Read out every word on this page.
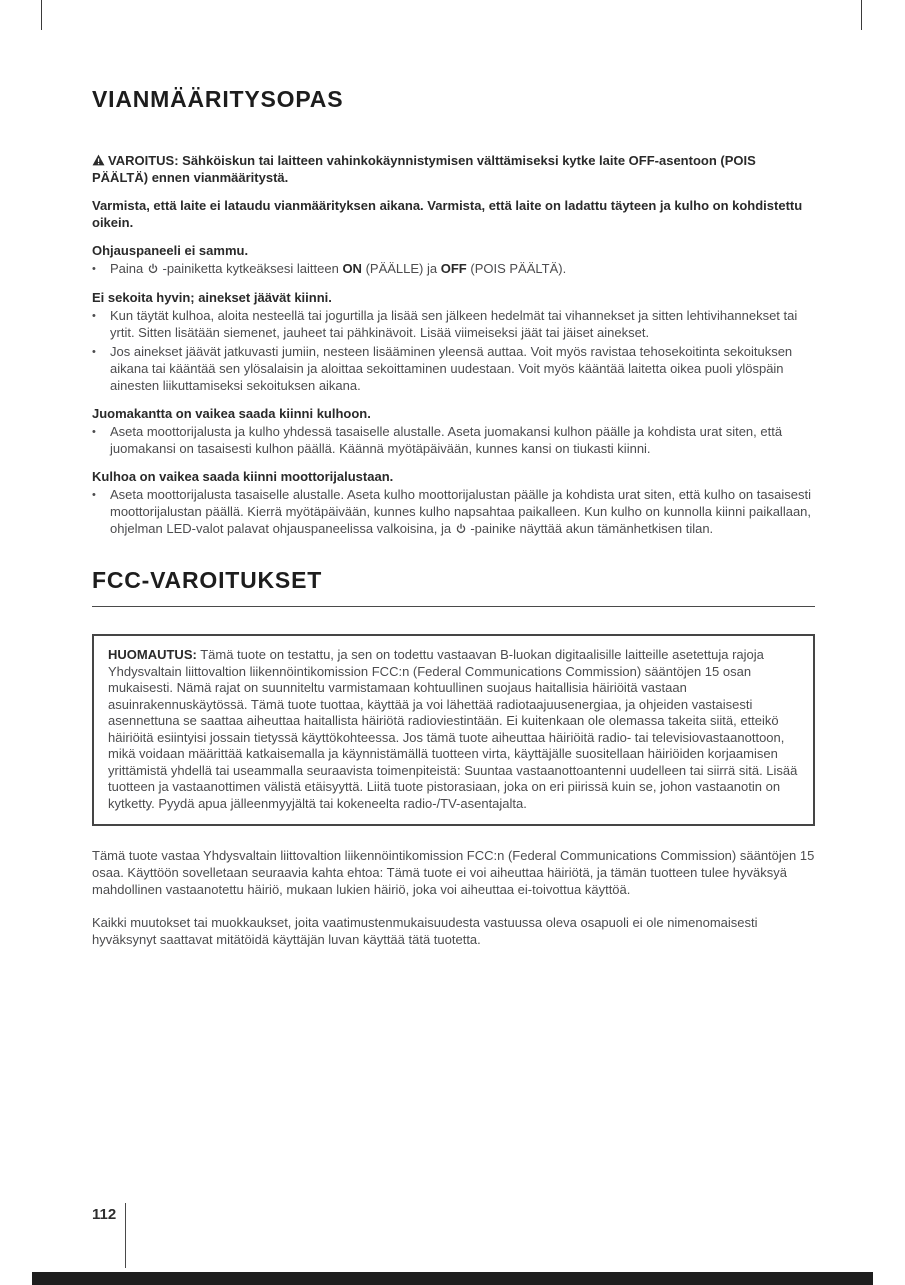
VIANMÄÄRITYSOPAS

VAROITUS: Sähköiskun tai laitteen vahinkokäynnistymisen välttämiseksi kytke laite OFF-asentoon (POIS PÄÄLTÄ) ennen vianmääritystä.

Varmista, että laite ei lataudu vianmäärityksen aikana. Varmista, että laite on ladattu täyteen ja kulho on kohdistettu oikein.

Ohjauspaneeli ei sammu.
• Paina -painiketta kytkeäksesi laitteen ON (PÄÄLLE) ja OFF (POIS PÄÄLTÄ).
Ei sekoita hyvin; ainekset jäävät kiinni.
• Kun täytät kulhoa, aloita nesteellä tai jogurtilla ja lisää sen jälkeen hedelmät tai vihannekset ja sitten lehtivihannekset tai yrtit. Sitten lisätään siemenet, jauheet tai pähkinävoit. Lisää viimeiseksi jäät tai jäiset ainekset.
• Jos ainekset jäävät jatkuvasti jumiin, nesteen lisääminen yleensä auttaa. Voit myös ravistaa tehosekoitinta sekoituksen aikana tai kääntää sen ylösalaisin ja aloittaa sekoittaminen uudestaan. Voit myös kääntää laitetta oikea puoli ylöspäin ainesten liikuttamiseksi sekoituksen aikana.
Juomakantta on vaikea saada kiinni kulhoon.
• Aseta moottorijalusta ja kulho yhdessä tasaiselle alustalle. Aseta juomakansi kulhon päälle ja kohdista urat siten, että juomakansi on tasaisesti kulhon päällä. Käännä myötäpäivään, kunnes kansi on tiukasti kiinni.
Kulhoa on vaikea saada kiinni moottorijalustaan.
• Aseta moottorijalusta tasaiselle alustalle. Aseta kulho moottorijalustan päälle ja kohdista urat siten, että kulho on tasaisesti moottorijalustan päällä. Kierrä myötäpäivään, kunnes kulho napsahtaa paikalleen. Kun kulho on kunnolla kiinni paikallaan, ohjelman LED-valot palavat ohjauspaneelissa valkoisina, ja -painike näyttää akun tämänhetkisen tilan.
FCC-VAROITUKSET
HUOMAUTUS: Tämä tuote on testattu, ja sen on todettu vastaavan B-luokan digitaalisille laitteille asetettuja rajoja Yhdysvaltain liittovaltion liikennöintikomission FCC:n (Federal Communications Commission) sääntöjen 15 osan mukaisesti. Nämä rajat on suunniteltu varmistamaan kohtuullinen suojaus haitallisia häiriöitä vastaan asuinrakennuskäytössä. Tämä tuote tuottaa, käyttää ja voi lähettää radiotaajuusenergiaa, ja ohjeiden vastaisesti asennettuna se saattaa aiheuttaa haitallista häiriötä radioviestintään. Ei kuitenkaan ole olemassa takeita siitä, etteikö häiriöitä esiintyisi jossain tietyssä käyttökohteessa. Jos tämä tuote aiheuttaa häiriöitä radio- tai televisiovastaanottoon, mikä voidaan määrittää katkaisemalla ja käynnistämällä tuotteen virta, käyttäjälle suositellaan häiriöiden korjaamisen yrittämistä yhdellä tai useammalla seuraavista toimenpiteistä: Suuntaa vastaanottoantenni uudelleen tai siirrä sitä. Lisää tuotteen ja vastaanottimen välistä etäisyyttä. Liitä tuote pistorasiaan, joka on eri piirissä kuin se, johon vastaanotin on kytketty. Pyydä apua jälleenmyyjältä tai kokeneelta radio-/TV-asentajalta.

Tämä tuote vastaa Yhdysvaltain liittovaltion liikennöintikomission FCC:n (Federal Communications Commission) sääntöjen 15 osaa. Käyttöön sovelletaan seuraavia kahta ehtoa: Tämä tuote ei voi aiheuttaa häiriötä, ja tämän tuotteen tulee hyväksyä mahdollinen vastaanotettu häiriö, mukaan lukien häiriö, joka voi aiheuttaa ei-toivottua käyttöä.

Kaikki muutokset tai muokkaukset, joita vaatimustenmukaisuudesta vastuussa oleva osapuoli ei ole nimenomaisesti hyväksynyt saattavat mitätöidä käyttäjän luvan käyttää tätä tuotetta.

112
